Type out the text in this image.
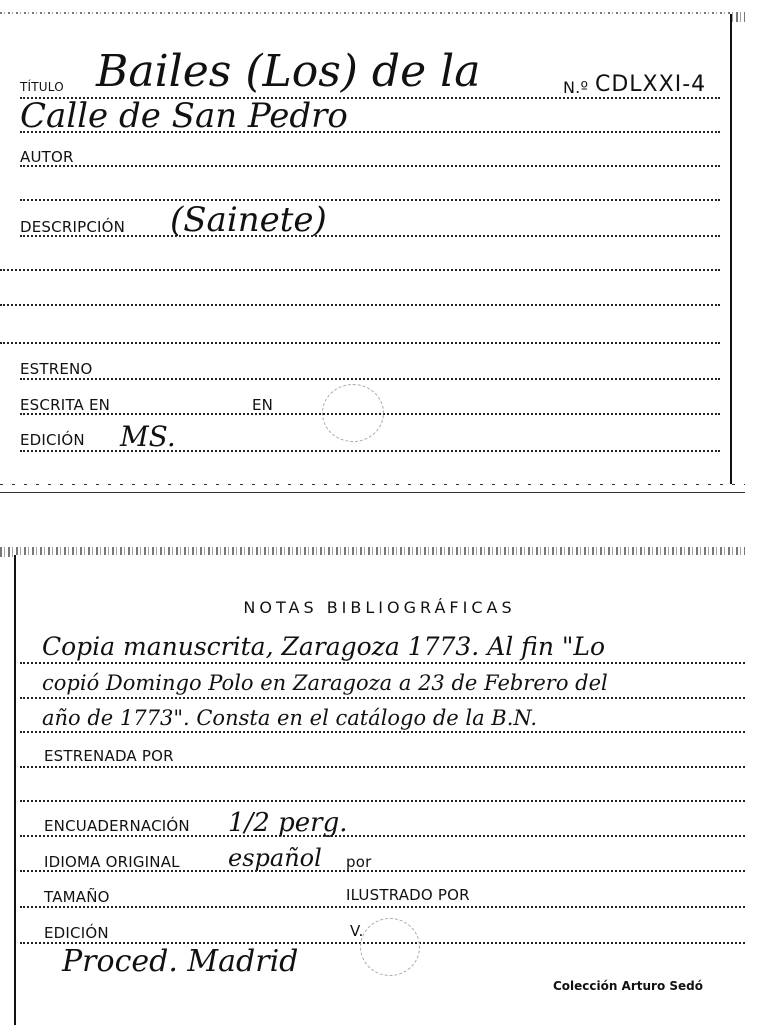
TÍTULO Bailes (Los) de la	N.º CDLXXI-4
Calle de San Pedro
AUTOR
DESCRIPCIÓN (Sainete)
ESTRENO
ESCRITA EN	EN
EDICIÓN MS.
NOTAS BIBLIOGRÁFICAS
Copia manuscrita, Zaragoza 1773. Al fin "Lo
copió Domingo Polo en Zaragoza a 23 de Febrero del
año de 1773". Consta en el catálogo de la B.N.
ESTRENADA POR
ENCUADERNACIÓN 1/2 perg.
IDIOMA ORIGINAL español por
TAMAÑO	ILUSTRADO POR
EDICIÓN	V.
Proced. Madrid
Colección Arturo Sedó
